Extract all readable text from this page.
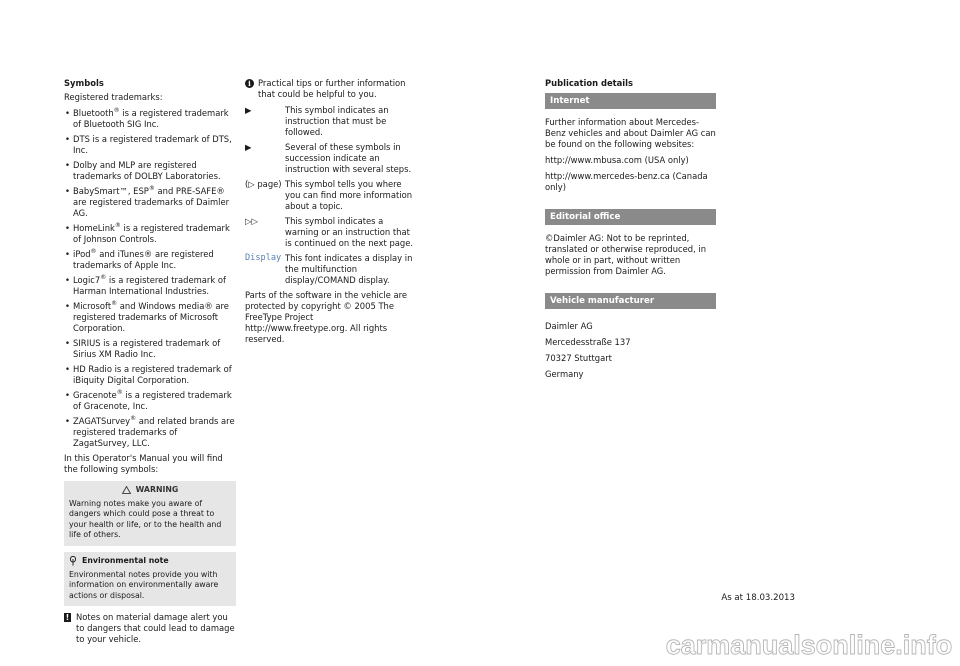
Symbols

Registered trademarks:

• Bluetooth® is a registered trademark of Bluetooth SIG Inc.
• DTS is a registered trademark of DTS, Inc.
• Dolby and MLP are registered trademarks of DOLBY Laboratories.
• BabySmart™, ESP® and PRE-SAFE® are registered trademarks of Daimler AG.
• HomeLink® is a registered trademark of Johnson Controls.
• iPod® and iTunes® are registered trademarks of Apple Inc.
• Logic7® is a registered trademark of Harman International Industries.
• Microsoft® and Windows media® are registered trademarks of Microsoft Corporation.
• SIRIUS is a registered trademark of Sirius XM Radio Inc.
• HD Radio is a registered trademark of iBiquity Digital Corporation.
• Gracenote® is a registered trademark of Gracenote, Inc.
• ZAGATSurvey® and related brands are registered trademarks of ZagatSurvey, LLC.

In this Operator's Manual you will find the following symbols:

WARNING
Warning notes make you aware of dangers which could pose a threat to your health or life, or to the health and life of others.
Environmental note
Environmental notes provide you with information on environmentally aware actions or disposal.
! Notes on material damage alert you to dangers that could lead to damage to your vehicle.
i Practical tips or further information that could be helpful to you.
▶	This symbol indicates an instruction that must be followed.
▶	Several of these symbols in succession indicate an instruction with several steps.
(▷ page) This symbol tells you where you can find more information about a topic.
▷▷	This symbol indicates a warning or an instruction that is continued on the next page.
Display This font indicates a display in the multifunction display/COMAND display.

Parts of the software in the vehicle are protected by copyright © 2005 The FreeType Project http://www.freetype.org. All rights reserved.

Publication details
Internet

Further information about Mercedes-Benz vehicles and about Daimler AG can be found on the following websites:

http://www.mbusa.com (USA only)

http://www.mercedes-benz.ca (Canada only)

Editorial office

©Daimler AG: Not to be reprinted, translated or otherwise reproduced, in whole or in part, without written permission from Daimler AG.

Vehicle manufacturer

Daimler AG

Mercedesstraße 137

70327 Stuttgart

Germany

As at 18.03.2013
carmanualsonline.info
